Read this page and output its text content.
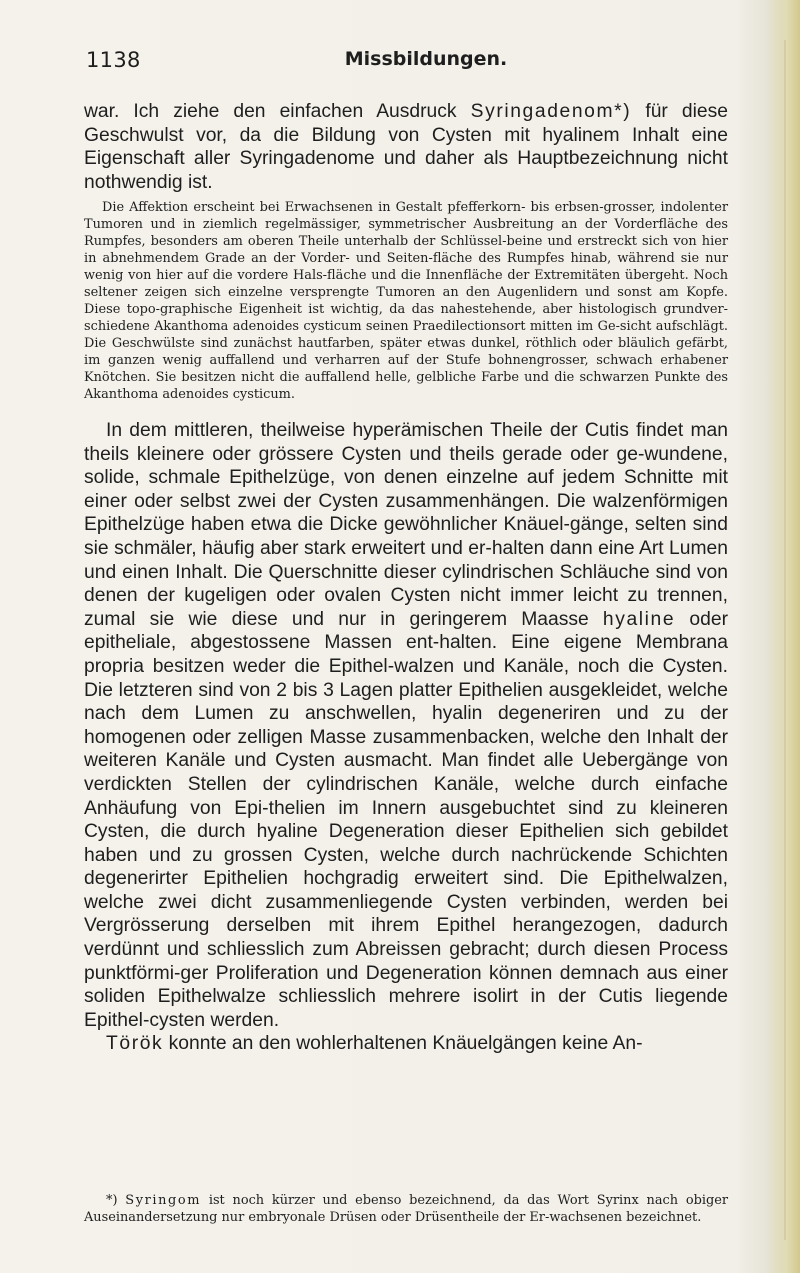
1138	Missbildungen.

war. Ich ziehe den einfachen Ausdruck Syringadenom*) für diese Geschwulst vor, da die Bildung von Cysten mit hyalinem Inhalt eine Eigenschaft aller Syringadenome und daher als Hauptbezeichnung nicht nothwendig ist.

Die Affektion erscheint bei Erwachsenen in Gestalt pfefferkorn- bis erbsen-grosser, indolenter Tumoren und in ziemlich regelmässiger, symmetrischer Ausbreitung an der Vorderfläche des Rumpfes, besonders am oberen Theile unterhalb der Schlüssel-beine und erstreckt sich von hier in abnehmendem Grade an der Vorder- und Seiten-fläche des Rumpfes hinab, während sie nur wenig von hier auf die vordere Hals-fläche und die Innenfläche der Extremitäten übergeht. Noch seltener zeigen sich einzelne versprengte Tumoren an den Augenlidern und sonst am Kopfe. Diese topo-graphische Eigenheit ist wichtig, da das nahestehende, aber histologisch grundver-schiedene Akanthoma adenoides cysticum seinen Praedilectionsort mitten im Ge-sicht aufschlägt. Die Geschwülste sind zunächst hautfarben, später etwas dunkel, röthlich oder bläulich gefärbt, im ganzen wenig auffallend und verharren auf der Stufe bohnengrosser, schwach erhabener Knötchen. Sie besitzen nicht die auffallend helle, gelbliche Farbe und die schwarzen Punkte des Akanthoma adenoides cysticum.

In dem mittleren, theilweise hyperämischen Theile der Cutis findet man theils kleinere oder grössere Cysten und theils gerade oder ge-wundene, solide, schmale Epithelzüge, von denen einzelne auf jedem Schnitte mit einer oder selbst zwei der Cysten zusammenhängen. Die walzenförmigen Epithelzüge haben etwa die Dicke gewöhnlicher Knäuel-gänge, selten sind sie schmäler, häufig aber stark erweitert und er-halten dann eine Art Lumen und einen Inhalt. Die Querschnitte dieser cylindrischen Schläuche sind von denen der kugeligen oder ovalen Cysten nicht immer leicht zu trennen, zumal sie wie diese und nur in geringerem Maasse hyaline oder epitheliale, abgestossene Massen ent-halten. Eine eigene Membrana propria besitzen weder die Epithel-walzen und Kanäle, noch die Cysten. Die letzteren sind von 2 bis 3 Lagen platter Epithelien ausgekleidet, welche nach dem Lumen zu anschwellen, hyalin degeneriren und zu der homogenen oder zelligen Masse zusammenbacken, welche den Inhalt der weiteren Kanäle und Cysten ausmacht. Man findet alle Uebergänge von verdickten Stellen der cylindrischen Kanäle, welche durch einfache Anhäufung von Epi-thelien im Innern ausgebuchtet sind zu kleineren Cysten, die durch hyaline Degeneration dieser Epithelien sich gebildet haben und zu grossen Cysten, welche durch nachrückende Schichten degenerirter Epithelien hochgradig erweitert sind. Die Epithelwalzen, welche zwei dicht zusammenliegende Cysten verbinden, werden bei Vergrösserung derselben mit ihrem Epithel herangezogen, dadurch verdünnt und schliesslich zum Abreissen gebracht; durch diesen Process punktförmi-ger Proliferation und Degeneration können demnach aus einer soliden Epithelwalze schliesslich mehrere isolirt in der Cutis liegende Epithel-cysten werden.
Török konnte an den wohlerhaltenen Knäuelgängen keine An-

*) Syringom ist noch kürzer und ebenso bezeichnend, da das Wort Syrinx nach obiger Auseinandersetzung nur embryonale Drüsen oder Drüsentheile der Er-wachsenen bezeichnet.
